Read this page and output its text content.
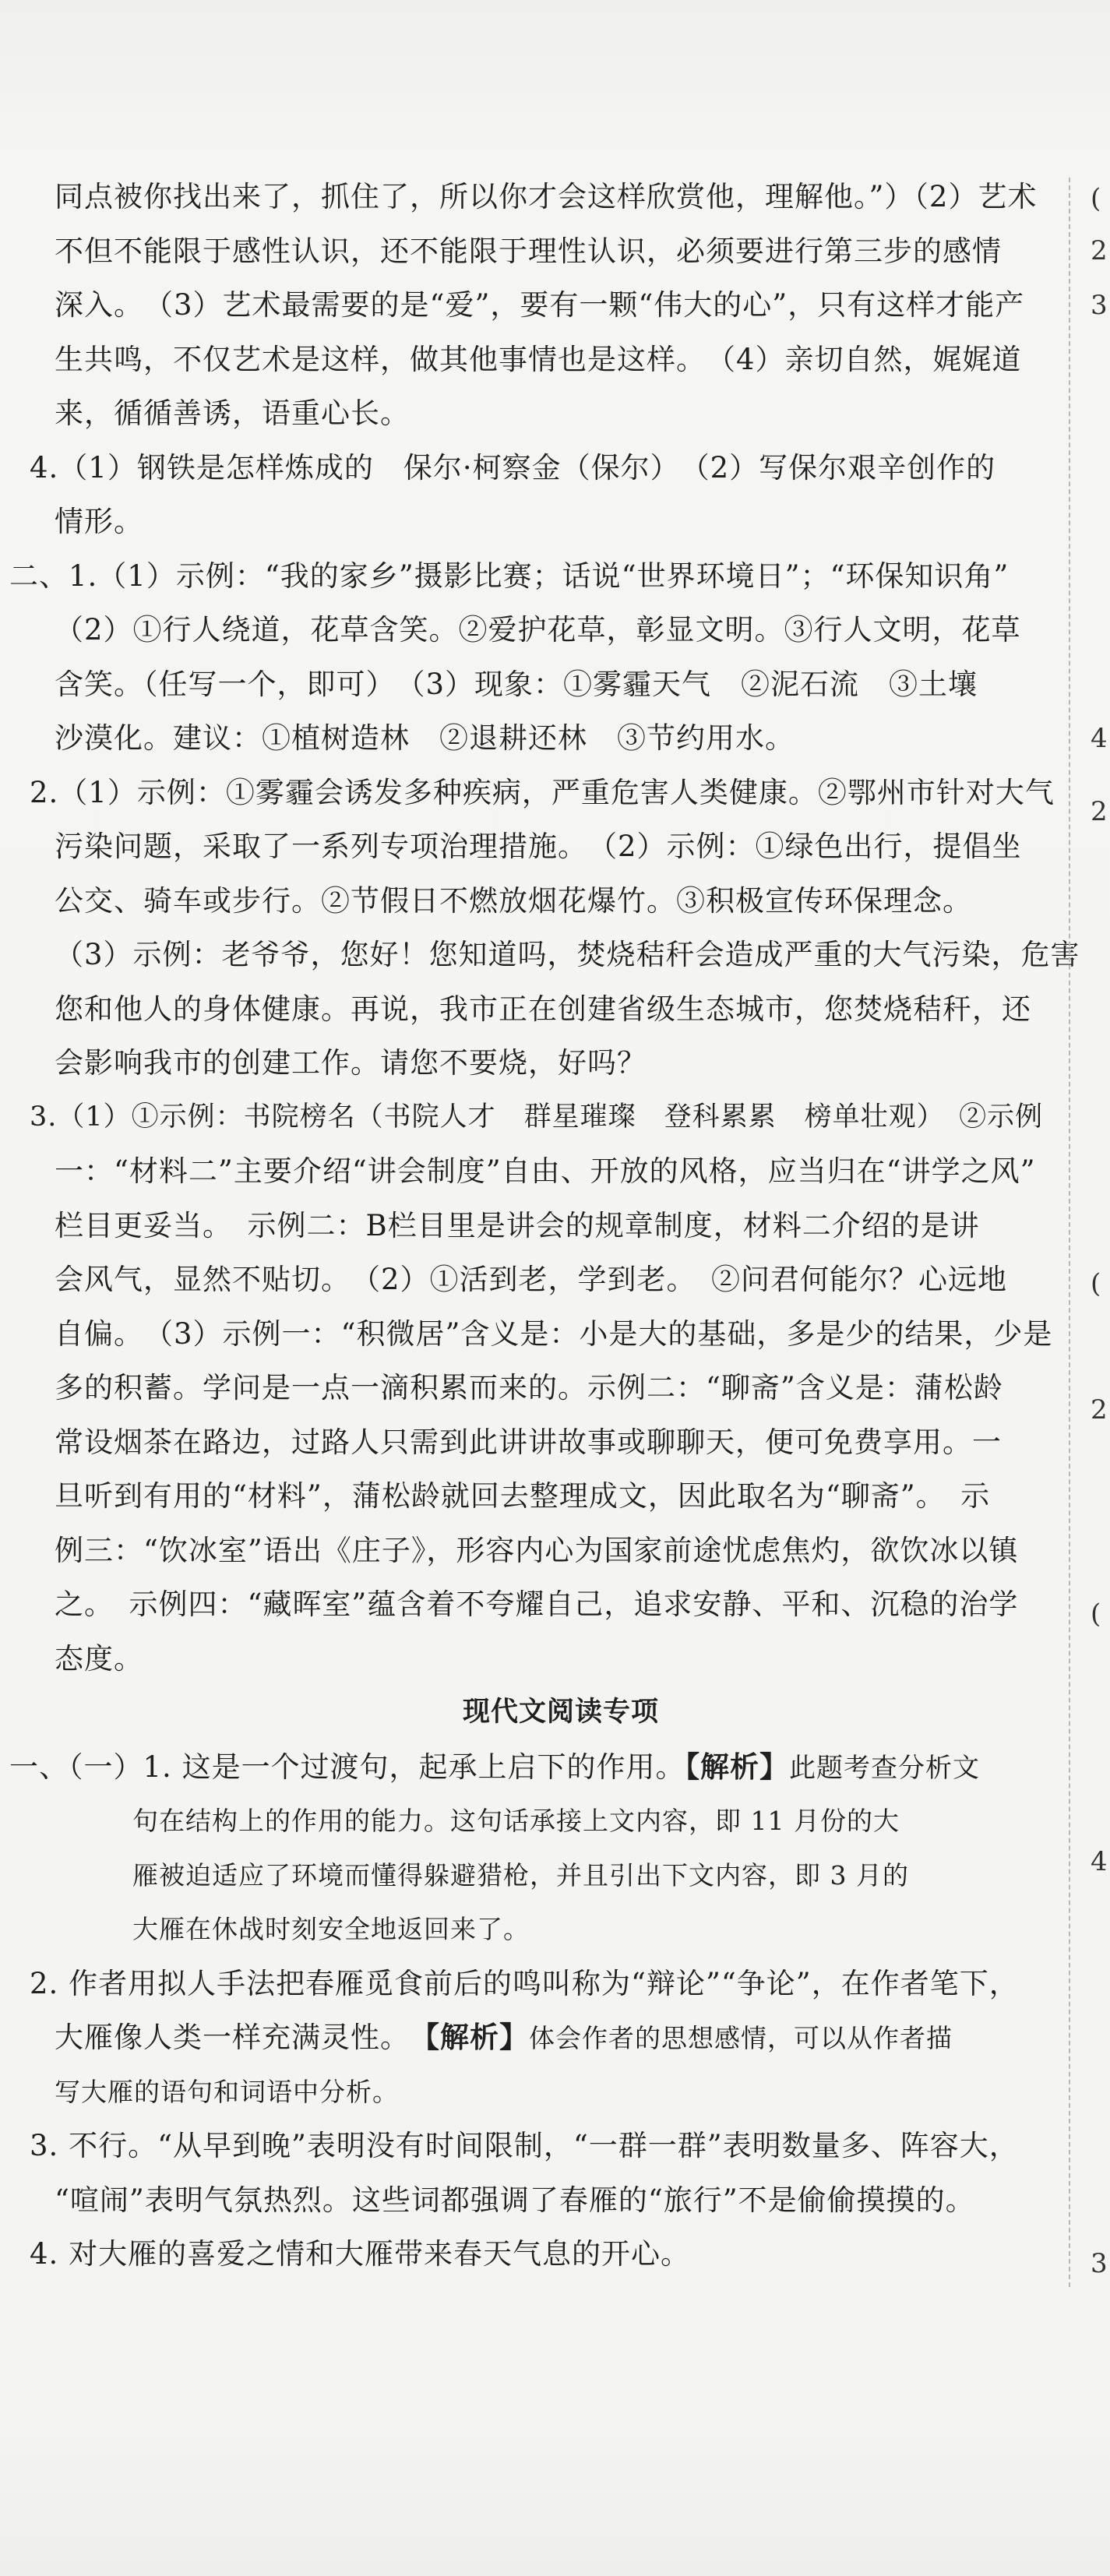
同点被你找出来了，抓住了，所以你才会这样欣赏他，理解他。”）（2）艺术
不但不能限于感性认识，还不能限于理性认识，必须要进行第三步的感情
深入。　（3）艺术最需要的是“爱”，要有一颗“伟大的心”，只有这样才能产
生共鸣，不仅艺术是这样，做其他事情也是这样。　（4）亲切自然，娓娓道
来，循循善诱，语重心长。
4.（1）钢铁是怎样炼成的　保尔·柯察金（保尔）　（2）写保尔艰辛创作的
情形。
二、1.（1）示例：“我的家乡”摄影比赛；话说“世界环境日”；“环保知识角”
（2）①行人绕道，花草含笑。②爱护花草，彰显文明。③行人文明，花草
含笑。（任写一个，即可）　（3）现象：①雾霾天气　②泥石流　③土壤
沙漠化。建议：①植树造林　②退耕还林　③节约用水。
2.（1）示例：①雾霾会诱发多种疾病，严重危害人类健康。②鄂州市针对大气
污染问题，采取了一系列专项治理措施。　（2）示例：①绿色出行，提倡坐
公交、骑车或步行。②节假日不燃放烟花爆竹。③积极宣传环保理念。
（3）示例：老爷爷，您好！您知道吗，焚烧秸秆会造成严重的大气污染，危害
您和他人的身体健康。再说，我市正在创建省级生态城市，您焚烧秸秆，还
会影响我市的创建工作。请您不要烧，好吗？
3.（1）①示例：书院榜名（书院人才　群星璀璨　登科累累　榜单壮观）　②示例
一：“材料二”主要介绍“讲会制度”自由、开放的风格，应当归在“讲学之风”
栏目更妥当。　示例二：B栏目里是讲会的规章制度，材料二介绍的是讲
会风气，显然不贴切。　（2）①活到老，学到老。　②问君何能尔？心远地
自偏。　（3）示例一：“积微居”含义是：小是大的基础，多是少的结果，少是
多的积蓄。学问是一点一滴积累而来的。示例二：“聊斋”含义是：蒲松龄
常设烟茶在路边，过路人只需到此讲讲故事或聊聊天，便可免费享用。一
旦听到有用的“材料”，蒲松龄就回去整理成文，因此取名为“聊斋”。　示
例三：“饮冰室”语出《庄子》，形容内心为国家前途忧虑焦灼，欲饮冰以镇
之。　示例四：“藏晖室”蕴含着不夸耀自己，追求安静、平和、沉稳的治学
态度。
现代文阅读专项
一、（一）1. 这是一个过渡句，起承上启下的作用。【解析】此题考查分析文
句在结构上的作用的能力。这句话承接上文内容，即 11 月份的大
雁被迫适应了环境而懂得躲避猎枪，并且引出下文内容，即 3 月的
大雁在休战时刻安全地返回来了。
2. 作者用拟人手法把春雁觅食前后的鸣叫称为“辩论”“争论”，在作者笔下，
大雁像人类一样充满灵性。　【解析】体会作者的思想感情，可以从作者描
写大雁的语句和词语中分析。
3. 不行。“从早到晚”表明没有时间限制，“一群一群”表明数量多、阵容大，
“喧闹”表明气氛热烈。这些词都强调了春雁的“旅行”不是偷偷摸摸的。
4. 对大雁的喜爱之情和大雁带来春天气息的开心。
(
2
3
4
2
(
2
(
4
3
